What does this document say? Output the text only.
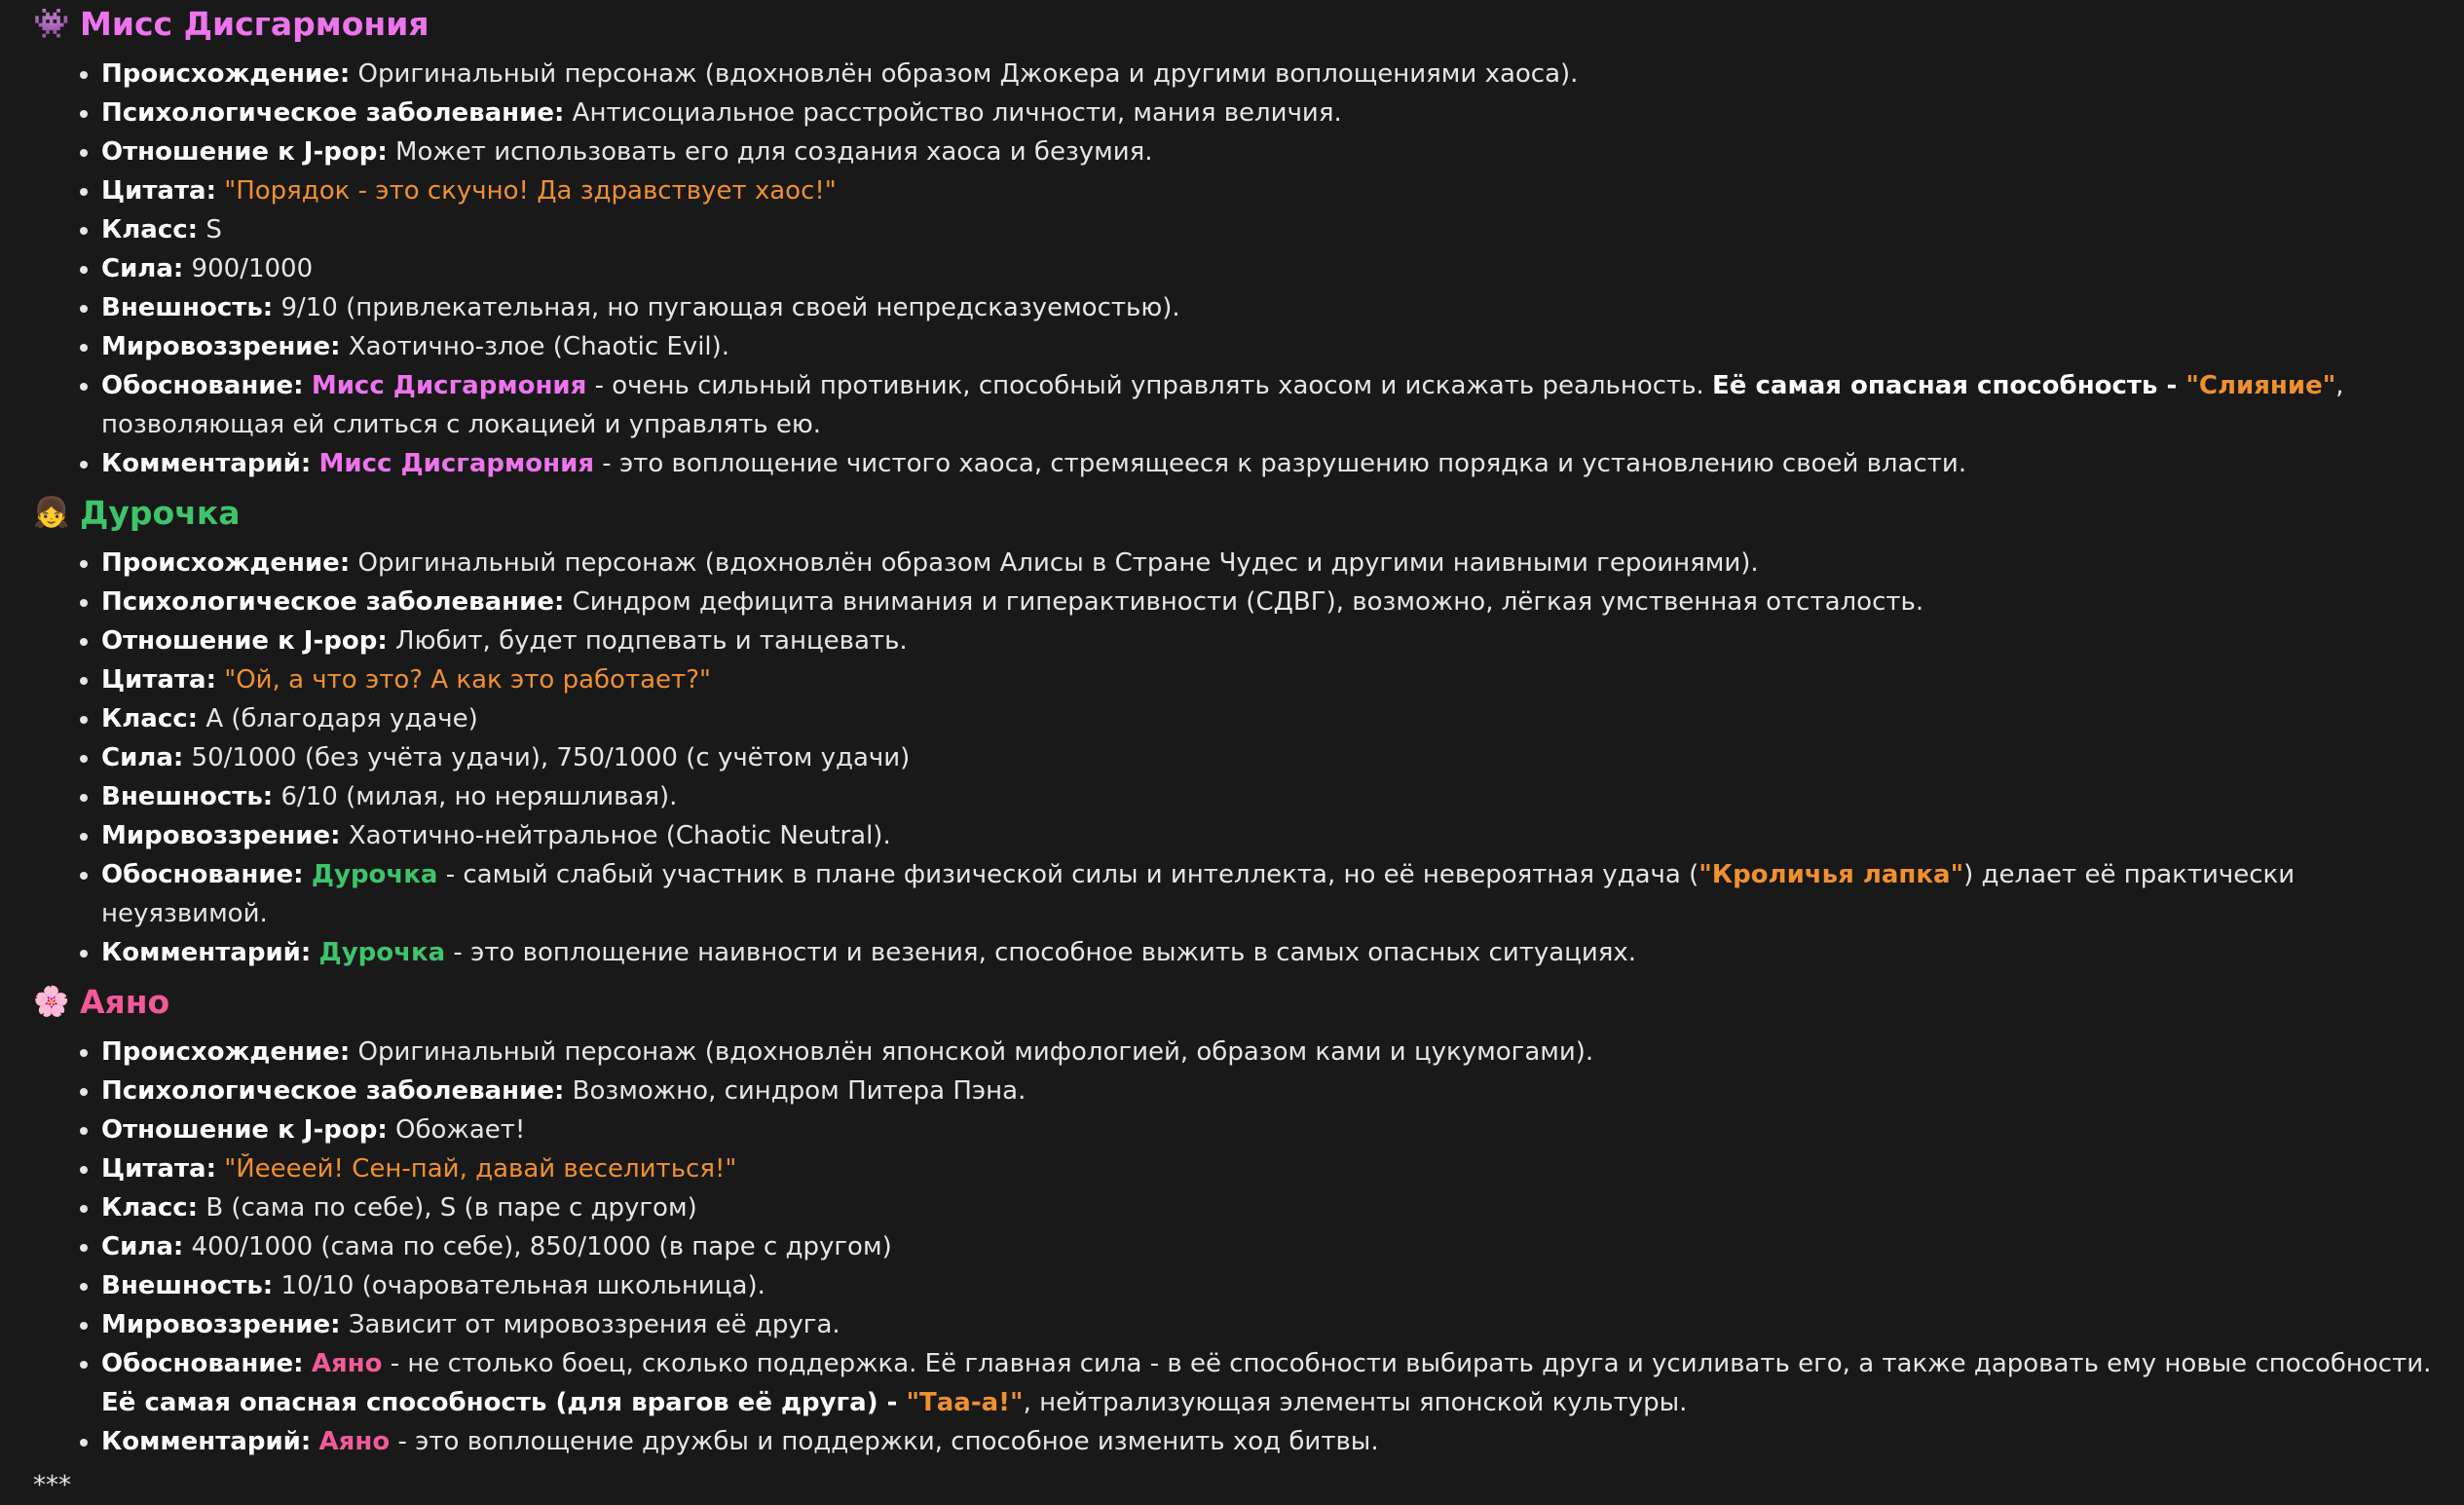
👾 Мисс Дисгармония
• Происхождение: Оригинальный персонаж (вдохновлён образом Джокера и другими воплощениями хаоса).
• Психологическое заболевание: Антисоциальное расстройство личности, мания величия.
• Отношение к J-pop: Может использовать его для создания хаоса и безумия.
• Цитата: "Порядок - это скучно! Да здравствует хаос!"
• Класс: S
• Сила: 900/1000
• Внешность: 9/10 (привлекательная, но пугающая своей непредсказуемостью).
• Мировоззрение: Хаотично-злое (Chaotic Evil).
• Обоснование: Мисс Дисгармония - очень сильный противник, способный управлять хаосом и искажать реальность. Её самая опасная способность - "Слияние", позволяющая ей слиться с локацией и управлять ею.
• Комментарий: Мисс Дисгармония - это воплощение чистого хаоса, стремящееся к разрушению порядка и установлению своей власти.
👧 Дурочка
• Происхождение: Оригинальный персонаж (вдохновлён образом Алисы в Стране Чудес и другими наивными героинями).
• Психологическое заболевание: Синдром дефицита внимания и гиперактивности (СДВГ), возможно, лёгкая умственная отсталость.
• Отношение к J-pop: Любит, будет подпевать и танцевать.
• Цитата: "Ой, а что это? А как это работает?"
• Класс: A (благодаря удаче)
• Сила: 50/1000 (без учёта удачи), 750/1000 (с учётом удачи)
• Внешность: 6/10 (милая, но неряшливая).
• Мировоззрение: Хаотично-нейтральное (Chaotic Neutral).
• Обоснование: Дурочка - самый слабый участник в плане физической силы и интеллекта, но её невероятная удача ("Кроличья лапка") делает её практически неуязвимой.
• Комментарий: Дурочка - это воплощение наивности и везения, способное выжить в самых опасных ситуациях.
🌸 Аяно
• Происхождение: Оригинальный персонаж (вдохновлён японской мифологией, образом ками и цукумогами).
• Психологическое заболевание: Возможно, синдром Питера Пэна.
• Отношение к J-pop: Обожает!
• Цитата: "Йеееей! Сен-пай, давай веселиться!"
• Класс: B (сама по себе), S (в паре с другом)
• Сила: 400/1000 (сама по себе), 850/1000 (в паре с другом)
• Внешность: 10/10 (очаровательная школьница).
• Мировоззрение: Зависит от мировоззрения её друга.
• Обоснование: Аяно - не столько боец, сколько поддержка. Её главная сила - в её способности выбирать друга и усиливать его, а также даровать ему новые способности. Её самая опасная способность (для врагов её друга) - "Таа-а!", нейтрализующая элементы японской культуры.
• Комментарий: Аяно - это воплощение дружбы и поддержки, способное изменить ход битвы.
***
